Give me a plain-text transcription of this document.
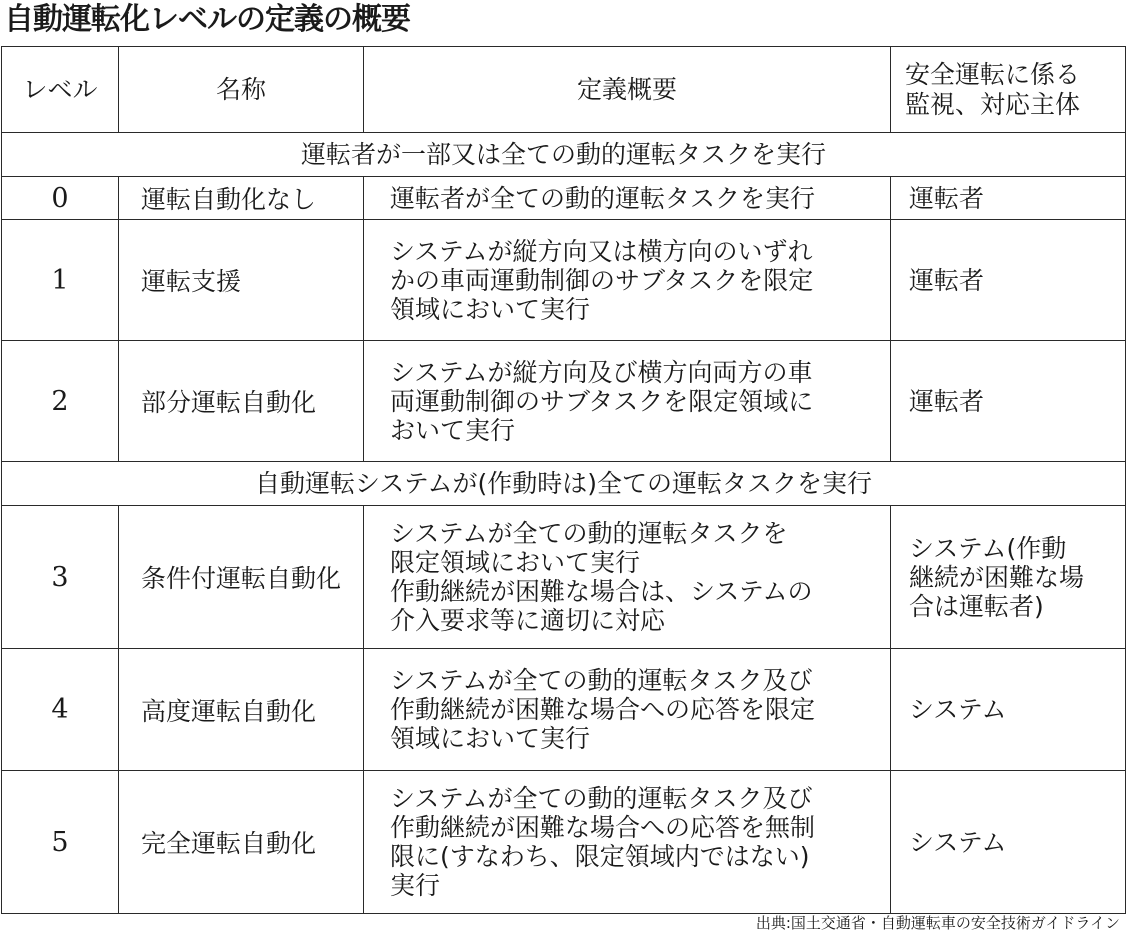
自動運転化レベルの定義の概要
レベル	名称	定義概要	安全運転に係る
監視、対応主体

運転者が一部又は全ての動的運転タスクを実行			
0	運転自動化なし	運転者が全ての動的運転タスクを実行	運転者

1	運転支援	システムが縦方向又は横方向のいずれ
かの車両運動制御のサブタスクを限定
領域において実行	運転者

2	部分運転自動化	システムが縦方向及び横方向両方の車
両運動制御のサブタスクを限定領域に
おいて実行	運転者

自動運転システムが(作動時は)全ての運転タスクを実行			
3	条件付運転自動化	システムが全ての動的運転タスクを
限定領域において実行
作動継続が困難な場合は、システムの
介入要求等に適切に対応	システム(作動
継続が困難な場
合は運転者)

4	高度運転自動化	システムが全ての動的運転タスク及び
作動継続が困難な場合への応答を限定
領域において実行	システム

5	完全運転自動化	システムが全ての動的運転タスク及び
作動継続が困難な場合への応答を無制
限に(すなわち、限定領域内ではない)
実行	システム
出典:国土交通省・自動運転車の安全技術ガイドライン
